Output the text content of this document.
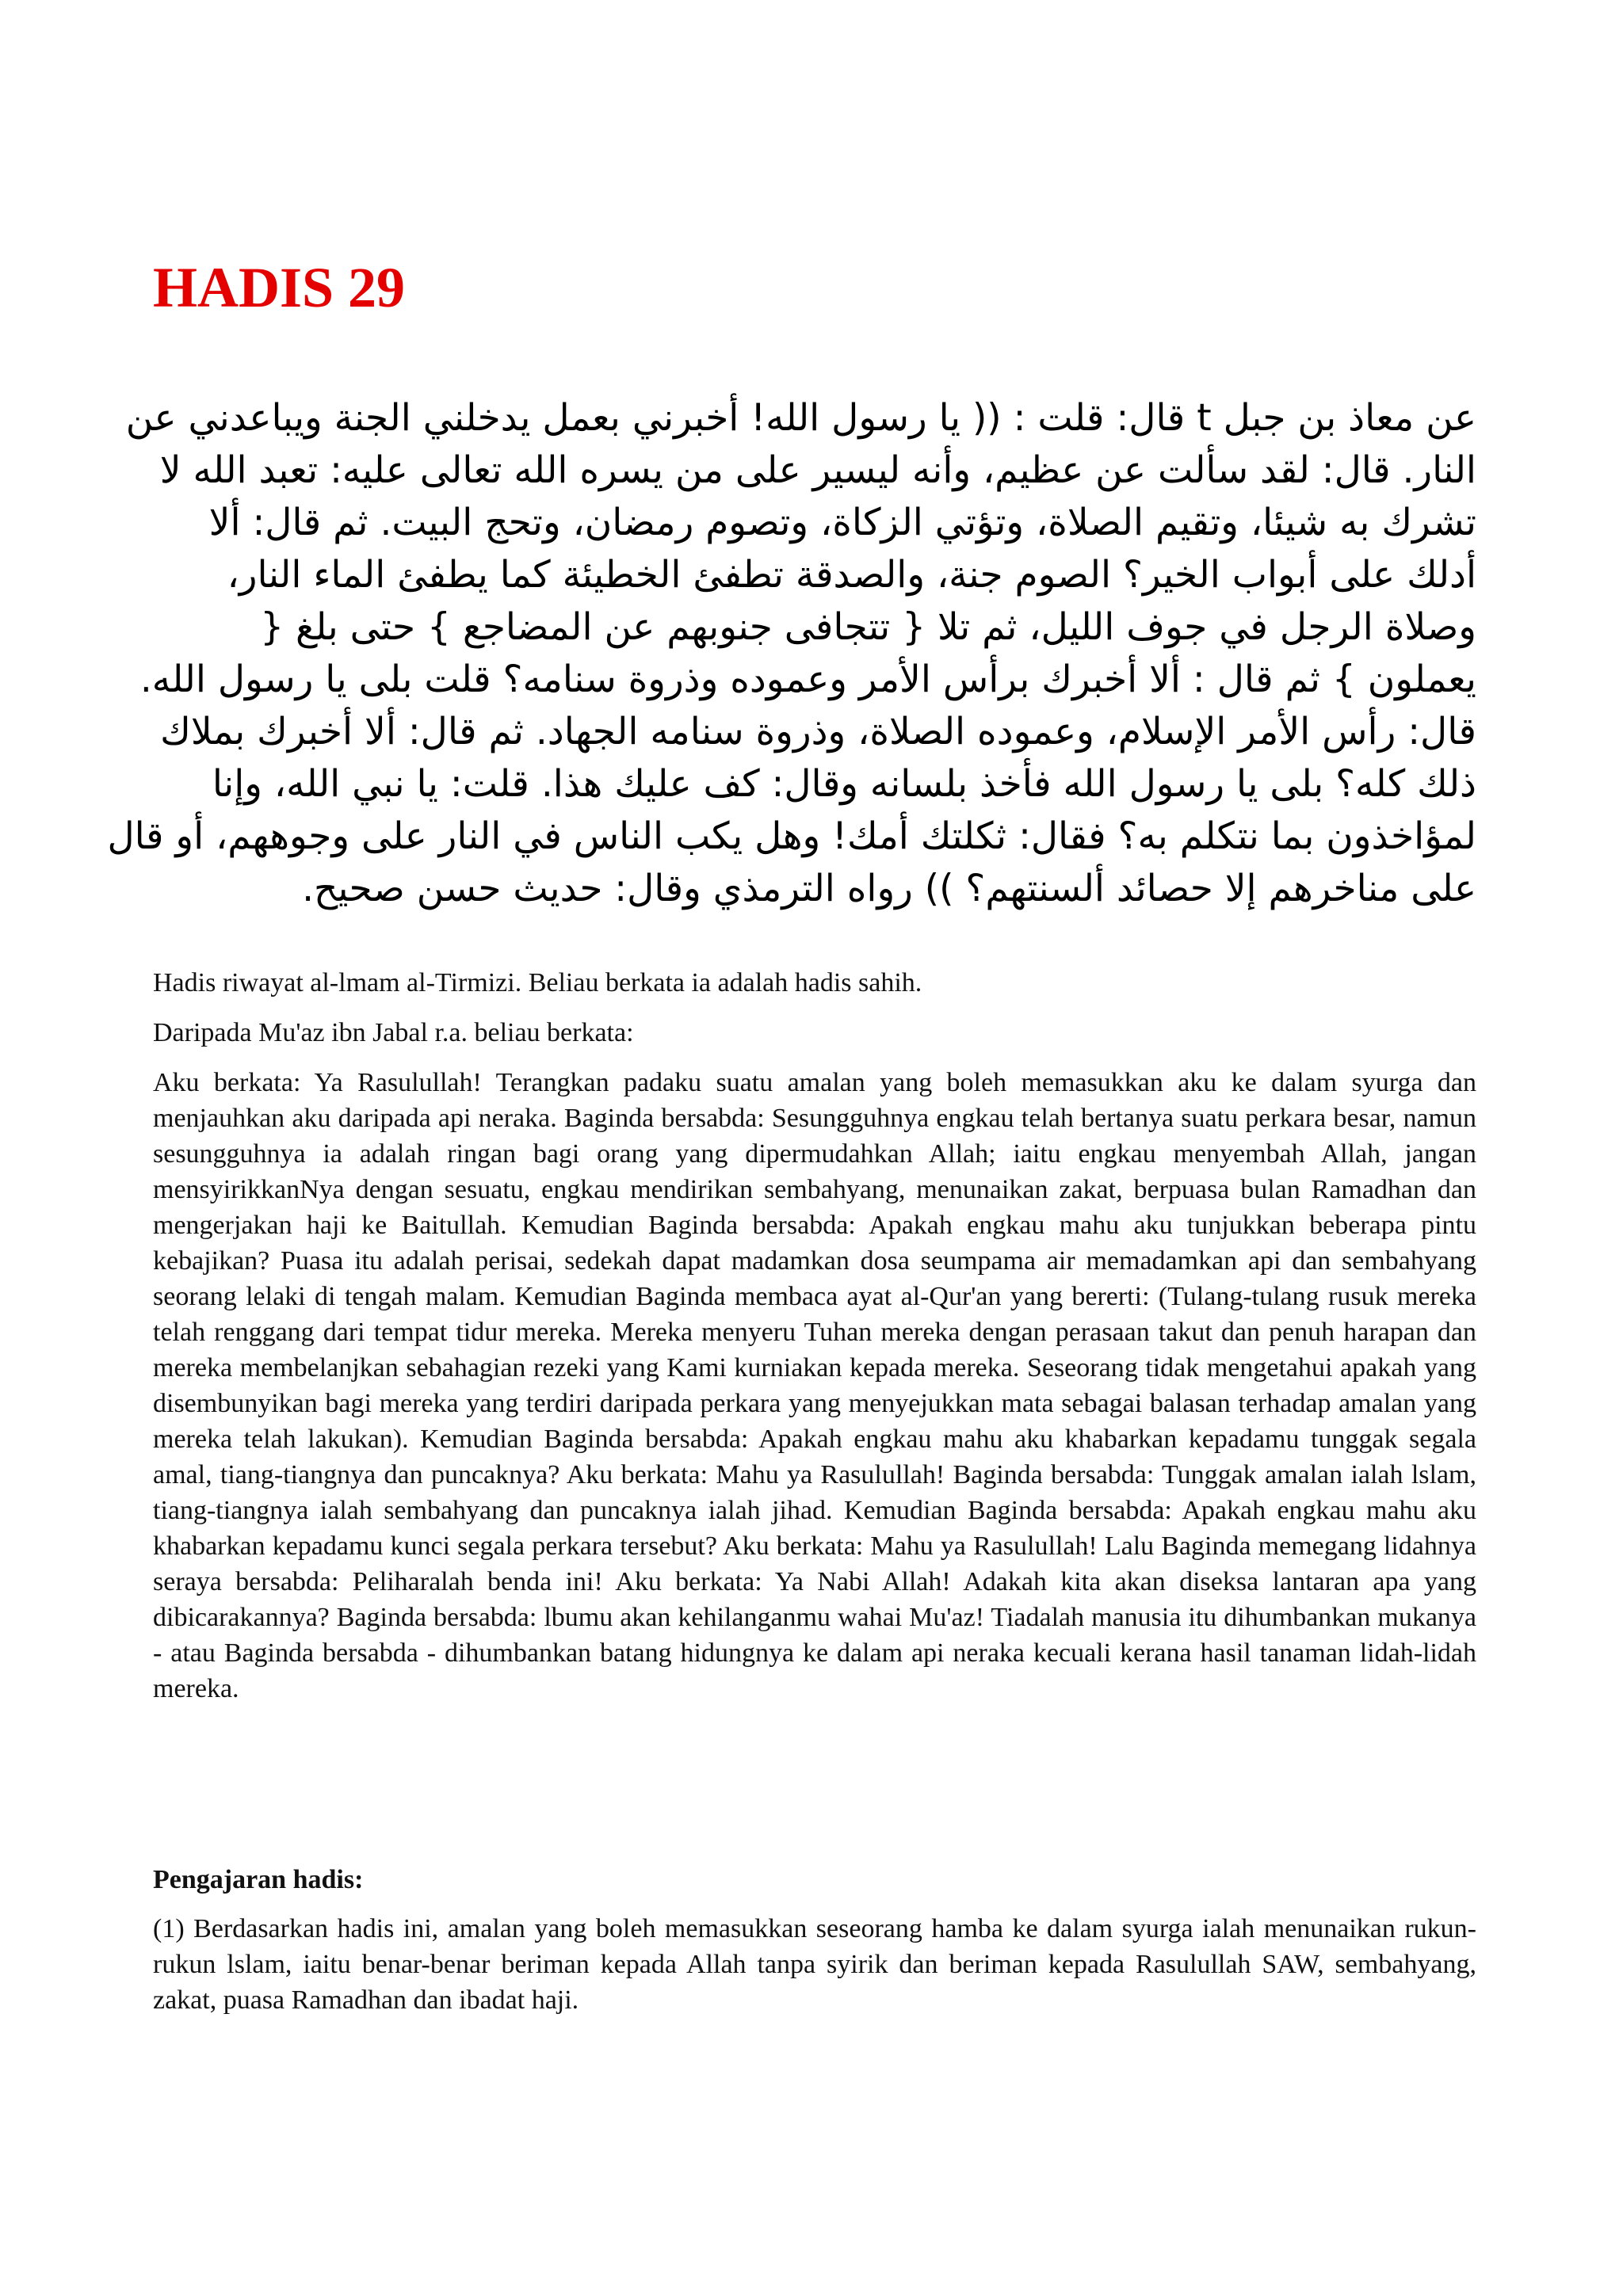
HADIS 29
عن معاذ بن جبل t قال: قلت : (( يا رسول الله! أخبرني بعمل يدخلني الجنة ويباعدني عن
النار. قال: لقد سألت عن عظيم، وأنه ليسير على من يسره الله تعالى عليه: تعبد الله لا
تشرك به شيئا، وتقيم الصلاة، وتؤتي الزكاة، وتصوم رمضان، وتحج البيت. ثم قال: ألا
أدلك على أبواب الخير؟ الصوم جنة، والصدقة تطفئ الخطيئة كما يطفئ الماء النار،
وصلاة الرجل في جوف الليل، ثم تلا { تتجافى جنوبهم عن المضاجع } حتى بلغ {
يعملون } ثم قال : ألا أخبرك برأس الأمر وعموده وذروة سنامه؟ قلت بلى يا رسول الله.
قال: رأس الأمر الإسلام، وعموده الصلاة، وذروة سنامه الجهاد. ثم قال: ألا أخبرك بملاك
ذلك كله؟ بلى يا رسول الله فأخذ بلسانه وقال: كف عليك هذا. قلت: يا نبي الله، وإنا
لمؤاخذون بما نتكلم به؟ فقال: ثكلتك أمك! وهل يكب الناس في النار على وجوههم، أو قال
على مناخرهم إلا حصائد ألسنتهم؟ )) رواه الترمذي وقال: حديث حسن صحيح.

Hadis riwayat al-lmam al-Tirmizi. Beliau berkata ia adalah hadis sahih.

Daripada Mu'az ibn Jabal r.a. beliau berkata:

Aku berkata: Ya Rasulullah! Terangkan padaku suatu amalan yang boleh memasukkan aku ke dalam syurga dan menjauhkan aku daripada api neraka. Baginda bersabda: Sesungguhnya engkau telah bertanya suatu perkara besar, namun sesungguhnya ia adalah ringan bagi orang yang dipermudahkan Allah; iaitu engkau menyembah Allah, jangan mensyirikkanNya dengan sesuatu, engkau mendirikan sembahyang, menunaikan zakat, berpuasa bulan Ramadhan dan mengerjakan haji ke Baitullah. Kemudian Baginda bersabda: Apakah engkau mahu aku tunjukkan beberapa pintu kebajikan? Puasa itu adalah perisai, sedekah dapat madamkan dosa seumpama air memadamkan api dan sembahyang seorang lelaki di tengah malam. Kemudian Baginda membaca ayat al-Qur'an yang bererti: (Tulang-tulang rusuk mereka telah renggang dari tempat tidur mereka. Mereka menyeru Tuhan mereka dengan perasaan takut dan penuh harapan dan mereka membelanjkan sebahagian rezeki yang Kami kurniakan kepada mereka. Seseorang tidak mengetahui apakah yang disembunyikan bagi mereka yang terdiri daripada perkara yang menyejukkan mata sebagai balasan terhadap amalan yang mereka telah lakukan). Kemudian Baginda bersabda: Apakah engkau mahu aku khabarkan kepadamu tunggak segala amal, tiang-tiangnya dan puncaknya? Aku berkata: Mahu ya Rasulullah! Baginda bersabda: Tunggak amalan ialah lslam, tiang-tiangnya ialah sembahyang dan puncaknya ialah jihad. Kemudian Baginda bersabda: Apakah engkau mahu aku khabarkan kepadamu kunci segala perkara tersebut? Aku berkata: Mahu ya Rasulullah! Lalu Baginda memegang lidahnya seraya bersabda: Peliharalah benda ini! Aku berkata: Ya Nabi Allah! Adakah kita akan diseksa lantaran apa yang dibicarakannya? Baginda bersabda: lbumu akan kehilanganmu wahai Mu'az! Tiadalah manusia itu dihumbankan mukanya - atau Baginda bersabda - dihumbankan batang hidungnya ke dalam api neraka kecuali kerana hasil tanaman lidah-lidah mereka.

Pengajaran hadis:

(1) Berdasarkan hadis ini, amalan yang boleh memasukkan seseorang hamba ke dalam syurga ialah menunaikan rukun-rukun lslam, iaitu benar-benar beriman kepada Allah tanpa syirik dan beriman kepada Rasulullah SAW, sembahyang, zakat, puasa Ramadhan dan ibadat haji.
